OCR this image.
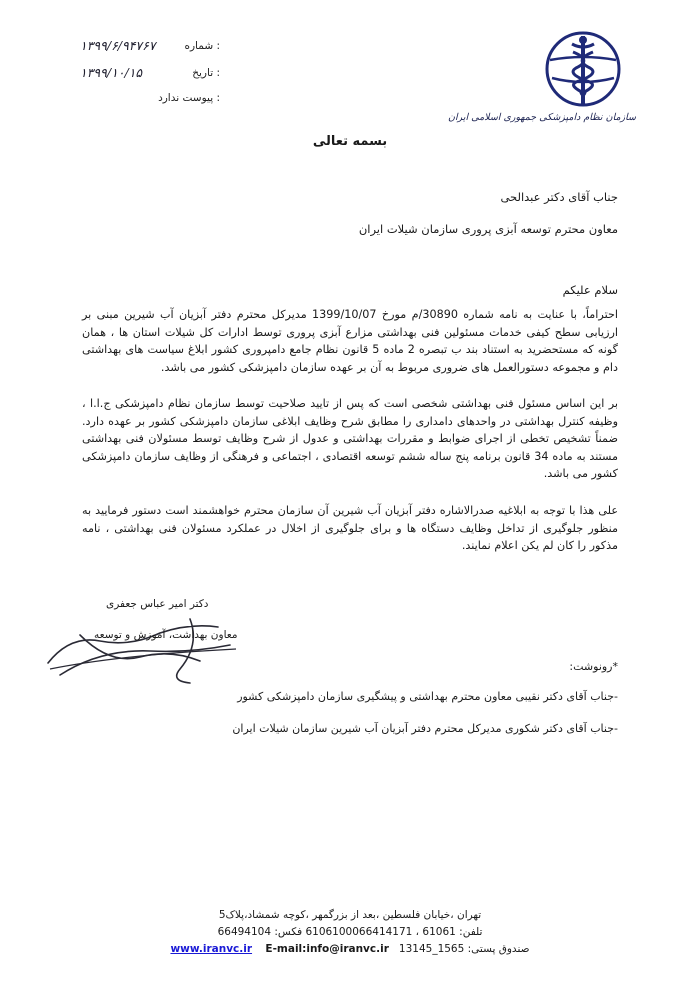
۱۳۹۹/۶/۹۴۷۶۷	: شماره
۱۳۹۹/۱۰/۱۵	: تاریخ
: پیوست ندارد
سازمان نظام دامپزشکی جمهوری اسلامی ایران
بسمه تعالی
جناب آقای دکتر عبدالحی
معاون محترم توسعه آبزی پروری سازمان شیلات ایران
سلام علیکم
احتراماً، با عنایت به نامه شماره 30890/م مورخ 1399/10/07 مدیرکل محترم دفتر آبزیان آب شیرین مبنی بر ارزیابی سطح کیفی خدمات مسئولین فنی بهداشتی مزارع آبزی پروری توسط ادارات کل شیلات استان ها ، همان گونه که مستحضرید به استناد بند ب تبصره 2 ماده 5 قانون نظام جامع دامپروری کشور ابلاغ سیاست های بهداشتی دام و مجموعه دستورالعمل های ضروری مربوط به آن بر عهده سازمان دامپزشکی کشور می باشد.
بر این اساس مسئول فنی بهداشتی شخصی است که پس از تایید صلاحیت توسط سازمان نظام دامپزشکی ج.ا.ا ، وظیفه کنترل بهداشتی در واحدهای دامداری را مطابق شرح وظایف ابلاغی سازمان دامپزشکی کشور بر عهده دارد. ضمناً تشخیص تخطی از اجرای ضوابط و مقررات بهداشتی و عدول از شرح وظایف توسط مسئولان فنی بهداشتی مستند به ماده 34 قانون برنامه پنج ساله ششم توسعه اقتصادی ، اجتماعی و فرهنگی از وظایف سازمان دامپزشکی کشور می باشد.
علی هذا با توجه به ابلاغیه صدرالاشاره دفتر آبزیان آب شیرین آن سازمان محترم خواهشمند است دستور فرمایید به منظور جلوگیری از تداخل وظایف دستگاه ها و برای جلوگیری از اخلال در عملکرد مسئولان فنی بهداشتی ، نامه مذکور را کان لم یکن اعلام نمایند.
دکتر امیر عباس جعفری
معاون بهداشت، آموزش و توسعه
*رونوشت:
-جناب آقای دکتر نقیبی معاون محترم بهداشتی و پیشگیری سازمان دامپزشکی کشور
-جناب آقای دکتر شکوری مدیرکل محترم دفتر آبزیان آب شیرین سازمان شیلات ایران
تهران ،خیابان فلسطین ،بعد از بزرگمهر ،کوچه شمشاد،پلاک5
تلفن: 61061 ، 6106100066414171 فکس: 66494104
www.iranvc.ir E-mail:info@iranvc.ir صندوق پستی: 1565_13145
